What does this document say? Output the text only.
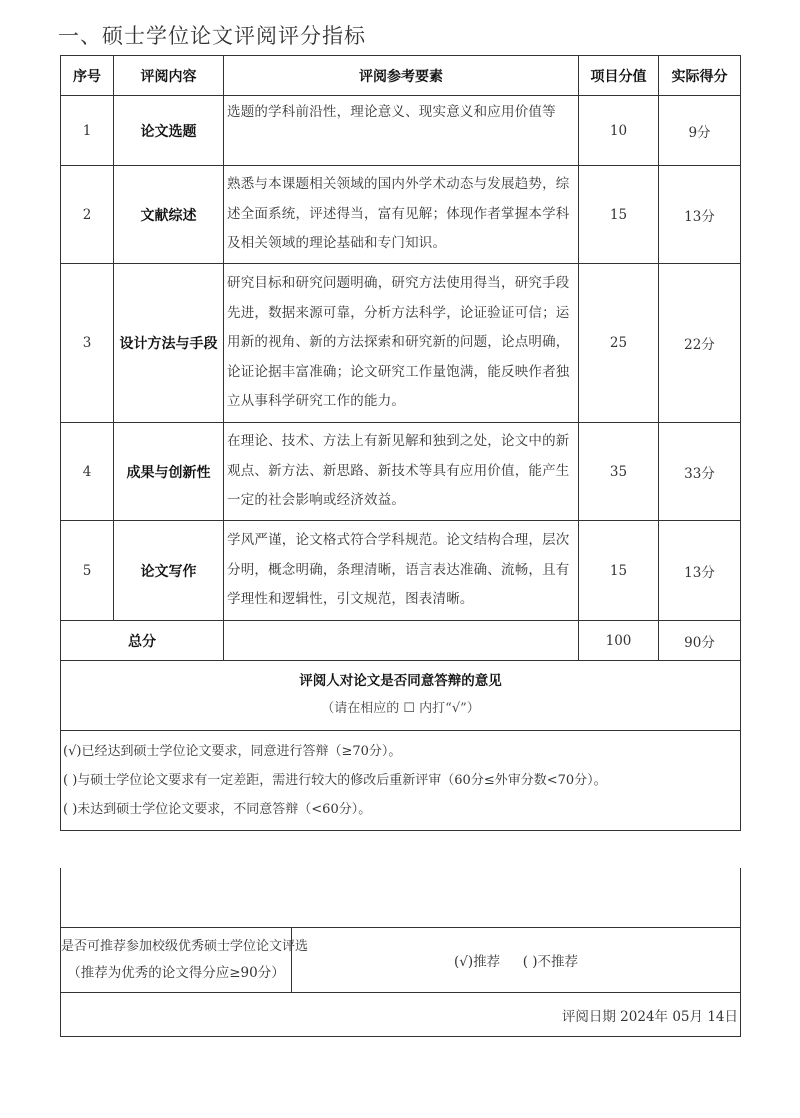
一、硕士学位论文评阅评分指标
序号	评阅内容	评阅参考要素	项目分值	实际得分
1	论文选题	选题的学科前沿性，理论意义、现实意义和应用价值等	10	9分
2	文献综述	熟悉与本课题相关领域的国内外学术动态与发展趋势，综述全面系统，评述得当，富有见解；体现作者掌握本学科及相关领域的理论基础和专门知识。	15	13分
3	设计方法与手段	研究目标和研究问题明确，研究方法使用得当，研究手段先进，数据来源可靠，分析方法科学，论证验证可信；运用新的视角、新的方法探索和研究新的问题，论点明确，论证论据丰富准确；论文研究工作量饱满，能反映作者独立从事科学研究工作的能力。	25	22分
4	成果与创新性	在理论、技术、方法上有新见解和独到之处，论文中的新观点、新方法、新思路、新技术等具有应用价值，能产生一定的社会影响或经济效益。	35	33分
5	论文写作	学风严谨，论文格式符合学科规范。论文结构合理，层次分明，概念明确，条理清晰，语言表达准确、流畅，且有学理性和逻辑性，引文规范，图表清晰。	15	13分
总分			100	90分

评阅人对论文是否同意答辩的意见
（请在相应的 ☐ 内打“√”）				

(√)已经达到硕士学位论文要求，同意进行答辩（≥70分）。
( )与硕士学位论文要求有一定差距，需进行较大的修改后重新评审（60分≤外审分数<70分）。
( )未达到硕士学位论文要求，不同意答辩（<60分）。				

是否可推荐参加校级优秀硕士学位论文评选
（推荐为优秀的论文得分应≥90分）
	(√)推荐 ( )不推荐
评阅日期 2024年 05月 14日
